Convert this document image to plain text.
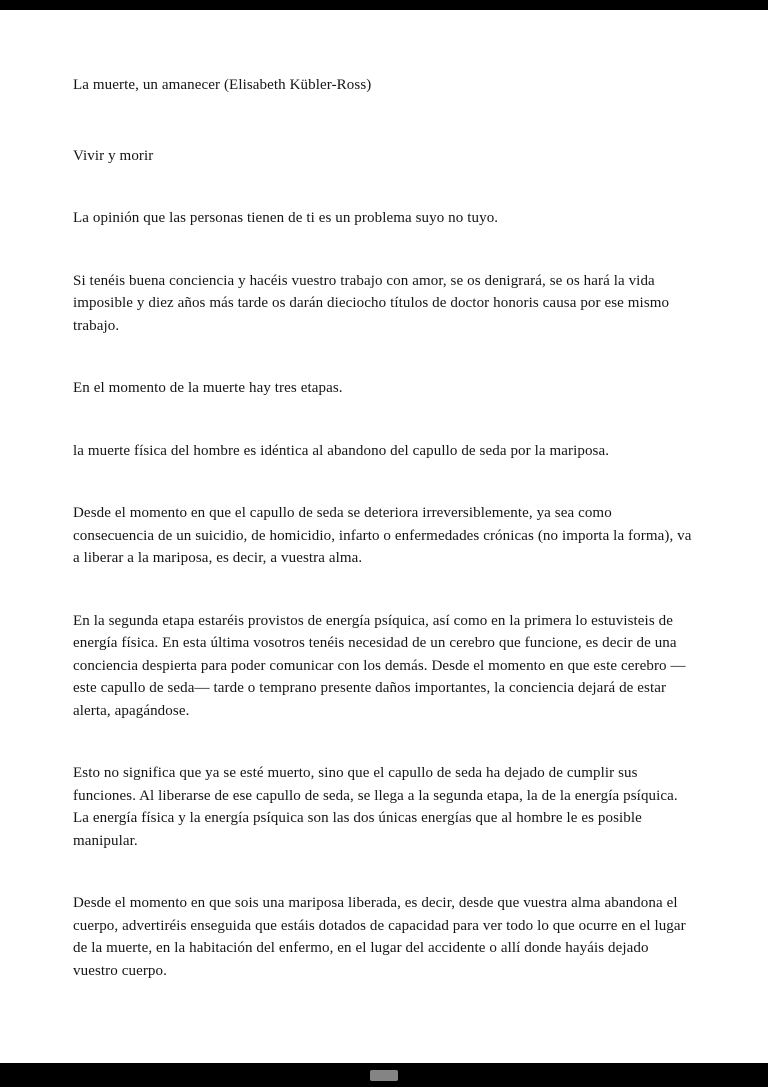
La muerte, un amanecer (Elisabeth Kübler-Ross)

Vivir y morir

La opinión que las personas tienen de ti es un problema suyo no tuyo.

Si tenéis buena conciencia y hacéis vuestro trabajo con amor, se os denigrará, se os hará la vida imposible y diez años más tarde os darán dieciocho títulos de doctor honoris causa por ese mismo trabajo.

En el momento de la muerte hay tres etapas.

la muerte física del hombre es idéntica al abandono del capullo de seda por la mariposa.

Desde el momento en que el capullo de seda se deteriora irreversiblemente, ya sea como consecuencia de un suicidio, de homicidio, infarto o enfermedades crónicas (no importa la forma), va a liberar a la mariposa, es decir, a vuestra alma.

En la segunda etapa estaréis provistos de energía psíquica, así como en la primera lo estuvisteis de energía física. En esta última vosotros tenéis necesidad de un cerebro que funcione, es decir de una conciencia despierta para poder comunicar con los demás. Desde el momento en que este cerebro —este capullo de seda— tarde o temprano presente daños importantes, la conciencia dejará de estar alerta, apagándose.

Esto no significa que ya se esté muerto, sino que el capullo de seda ha dejado de cumplir sus funciones. Al liberarse de ese capullo de seda, se llega a la segunda etapa, la de la energía psíquica. La energía física y la energía psíquica son las dos únicas energías que al hombre le es posible manipular.

Desde el momento en que sois una mariposa liberada, es decir, desde que vuestra alma abandona el cuerpo, advertiréis enseguida que estáis dotados de capacidad para ver todo lo que ocurre en el lugar de la muerte, en la habitación del enfermo, en el lugar del accidente o allí donde hayáis dejado vuestro cuerpo.
